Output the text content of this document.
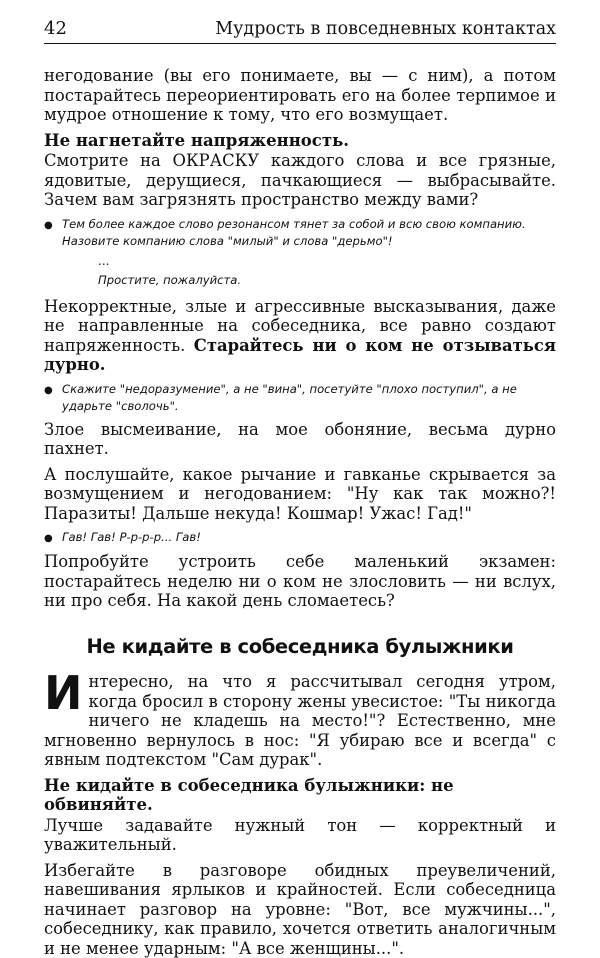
42	Мудрость в повседневных контактах

негодование (вы его понимаете, вы — с ним), а потом постарайтесь переориентировать его на более терпимое и мудрое отношение к тому, что его возмущает.

Не нагнетайте напряженность.

Смотрите на ОКРАСКУ каждого слова и все грязные, ядовитые, дерущиеся, пачкающиеся — выбрасывайте. Зачем вам загрязнять пространство между вами?

● Тем более каждое слово резонансом тянет за собой и всю свою компанию. Назовите компанию слова "милый" и слова "дерьмо"!
...
Простите, пожалуйста.

Некорректные, злые и агрессивные высказывания, даже не направленные на собеседника, все равно создают напряженность. Старайтесь ни о ком не отзываться дурно.

● Скажите "недоразумение", а не "вина", посетуйте "плохо поступил", а не ударьте "сволочь".

Злое высмеивание, на мое обоняние, весьма дурно пахнет.

А послушайте, какое рычание и гавканье скрывается за возмущением и негодованием: "Ну как так можно?! Паразиты! Дальше некуда! Кошмар! Ужас! Гад!"

● Гав! Гав! Р-р-р-р... Гав!

Попробуйте устроить себе маленький экзамен: постарайтесь неделю ни о ком не злословить — ни вслух, ни про себя. На какой день сломаетесь?

Не кидайте в собеседника булыжники

И нтересно, на что я рассчитывал сегодня утром, когда бросил в сторону жены увесистое: "Ты никогда ничего не кладешь на место!"? Естественно, мне мгновенно вернулось в нос: "Я убираю все и всегда" с явным подтекстом "Сам дурак".

Не кидайте в собеседника булыжники: не обвиняйте.

Лучше задавайте нужный тон — корректный и уважительный.

Избегайте в разговоре обидных преувеличений, навешивания ярлыков и крайностей. Если собеседница начинает разговор на уровне: "Вот, все мужчины...", собеседнику, как правило, хочется ответить аналогичным и не менее ударным: "А все женщины...".
